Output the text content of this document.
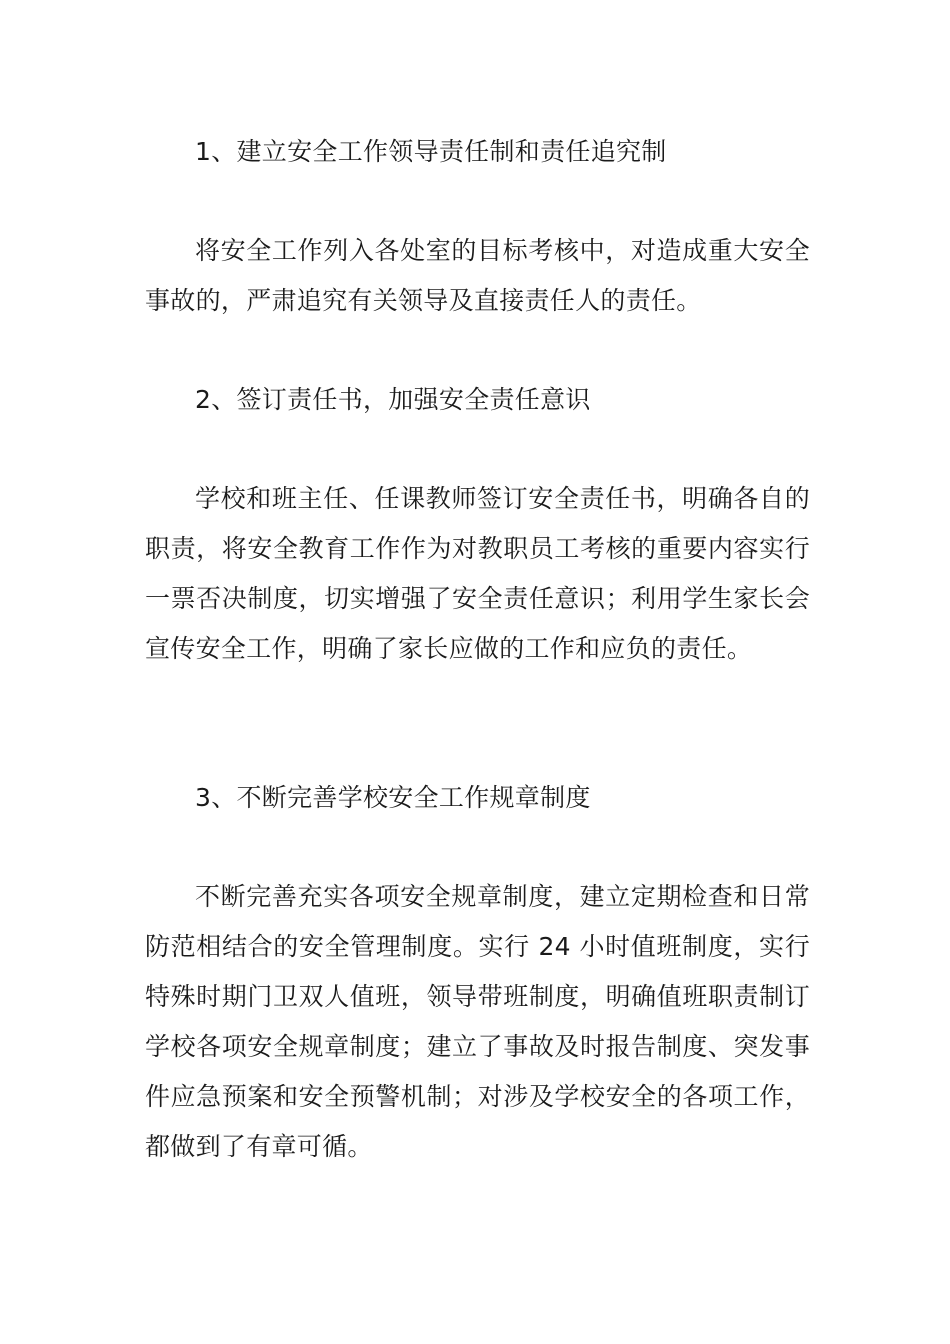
1、建立安全工作领导责任制和责任追究制

将安全工作列入各处室的目标考核中，对造成重大安全事故的，严肃追究有关领导及直接责任人的责任。

2、签订责任书，加强安全责任意识

学校和班主任、任课教师签订安全责任书，明确各自的职责，将安全教育工作作为对教职员工考核的重要内容实行一票否决制度，切实增强了安全责任意识；利用学生家长会宣传安全工作，明确了家长应做的工作和应负的责任。

3、不断完善学校安全工作规章制度

不断完善充实各项安全规章制度，建立定期检查和日常防范相结合的安全管理制度。实行 24 小时值班制度，实行特殊时期门卫双人值班，领导带班制度，明确值班职责制订学校各项安全规章制度；建立了事故及时报告制度、突发事件应急预案和安全预警机制；对涉及学校安全的各项工作，都做到了有章可循。
